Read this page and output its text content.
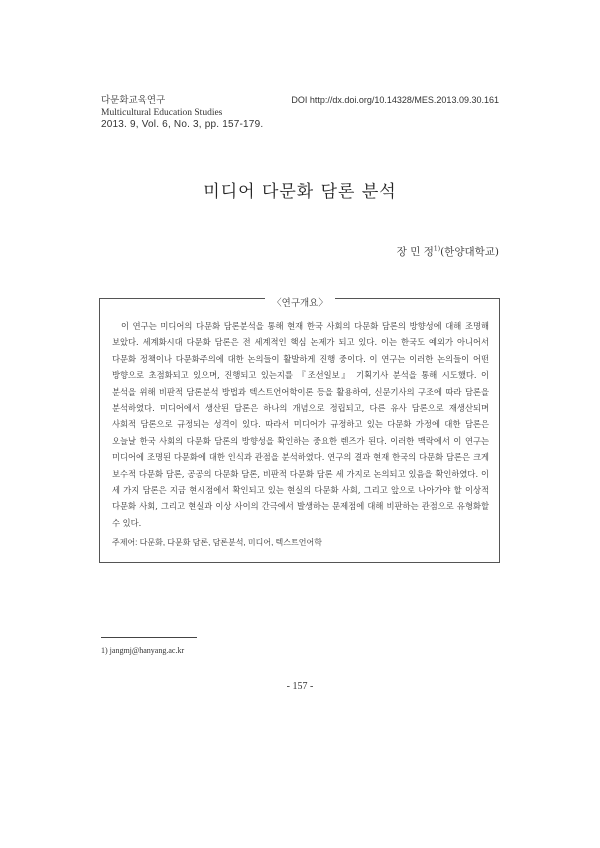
다문화교육연구
Multicultural Education Studies
2013. 9, Vol. 6, No. 3, pp. 157-179.
DOI http://dx.doi.org/10.14328/MES.2013.09.30.161
미디어 다문화 담론 분석
장 민 정$^{1)}$(한양대학교)
〈연구개요〉
이 연구는 미디어의 다문화 담론분석을 통해 현재 한국 사회의 다문화 담론의 방향성에 대해 조명해 보았다. 세계화시대 다문화 담론은 전 세계적인 핵심 논제가 되고 있다. 이는 한국도 예외가 아니어서 다문화 정책이나 다문화주의에 대한 논의들이 활발하게 진행 중이다. 이 연구는 이러한 논의들이 어떤 방향으로 초점화되고 있으며, 진행되고 있는지를 『조선일보』 기획기사 분석을 통해 시도했다. 이 분석을 위해 비판적 담론분석 방법과 텍스트언어학이론 등을 활용하여, 신문기사의 구조에 따라 담론을 분석하였다. 미디어에서 생산된 담론은 하나의 개념으로 정립되고, 다른 유사 담론으로 재생산되며 사회적 담론으로 규정되는 성격이 있다. 따라서 미디어가 규정하고 있는 다문화 가정에 대한 담론은 오늘날 한국 사회의 다문화 담론의 방향성을 확인하는 중요한 렌즈가 된다. 이러한 맥락에서 이 연구는 미디어에 조명된 다문화에 대한 인식과 관점을 분석하였다. 연구의 결과 현재 한국의 다문화 담론은 크게 보수적 다문화 담론, 공공의 다문화 담론, 비판적 다문화 담론 세 가지로 논의되고 있음을 확인하였다. 이 세 가지 담론은 지금 현시점에서 확인되고 있는 현실의 다문화 사회, 그리고 앞으로 나아가야 할 이상적 다문화 사회, 그리고 현실과 이상 사이의 간극에서 발생하는 문제점에 대해 비판하는 관점으로 유형화할 수 있다.
주제어: 다문화, 다문화 담론, 담론분석, 미디어, 텍스트언어학
1) jangmj@hanyang.ac.kr
- 157 -
